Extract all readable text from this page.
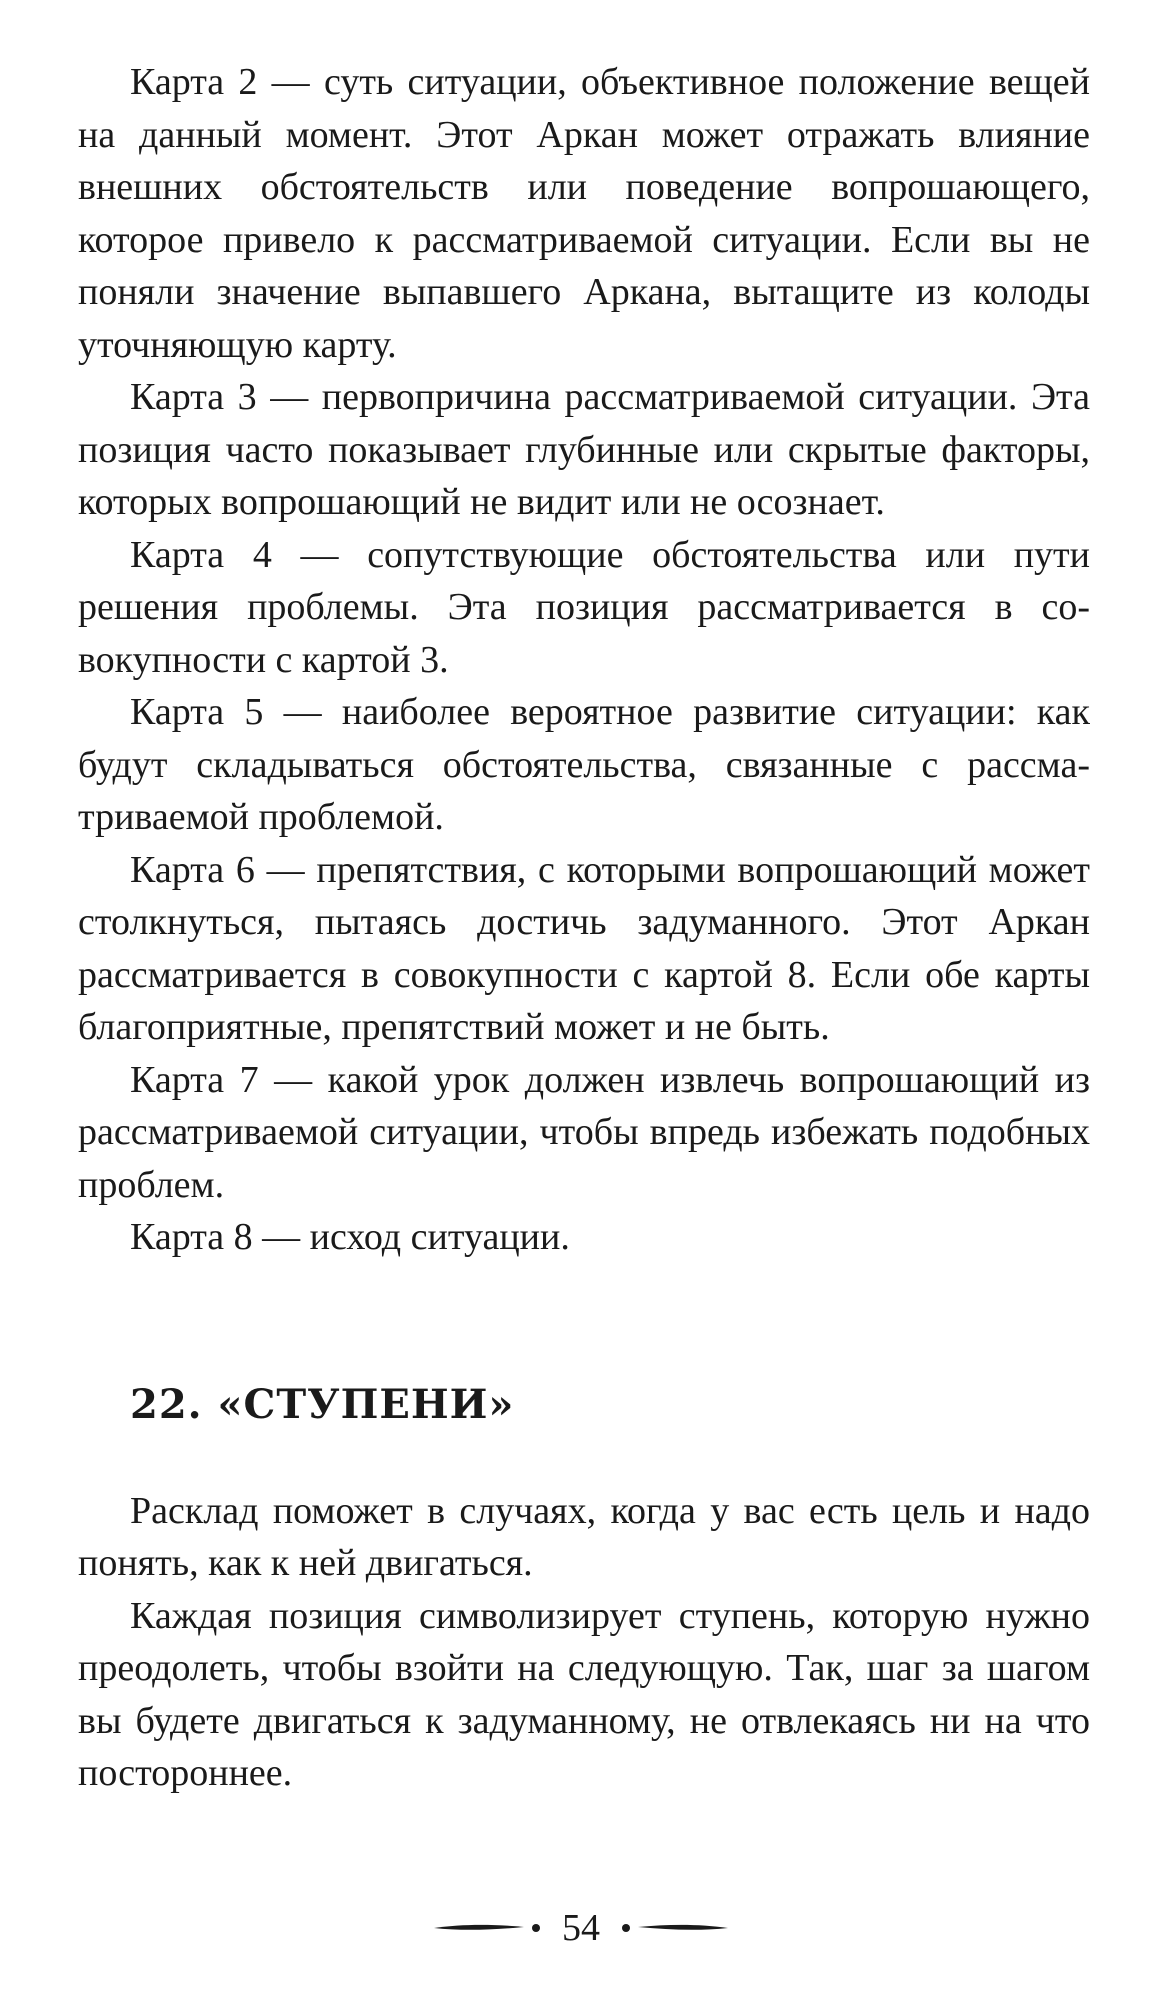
Карта 2 — суть ситуации, объективное положение вещей на данный момент. Этот Аркан может отражать влияние внешних обстоятельств или поведение вопрошающего, которое привело к рассматриваемой ситуации. Если вы не поняли значение выпавшего Аркана, вытащите из колоды уточняющую карту.

Карта 3 — первопричина рассматриваемой ситуации. Эта позиция часто показывает глубинные или скрытые факторы, которых вопрошающий не видит или не осознает.

Карта 4 — сопутствующие обстоятельства или пути решения проблемы. Эта позиция рассматривается в совокупности с картой 3.

Карта 5 — наиболее вероятное развитие ситуации: как будут складываться обстоятельства, связанные с рассматриваемой проблемой.

Карта 6 — препятствия, с которыми вопрошающий может столкнуться, пытаясь достичь задуманного. Этот Аркан рассматривается в совокупности с картой 8. Если обе карты благоприятные, препятствий может и не быть.

Карта 7 — какой урок должен извлечь вопрошающий из рассматриваемой ситуации, чтобы впредь избежать подобных проблем.

Карта 8 — исход ситуации.

22. «СТУПЕНИ»

Расклад поможет в случаях, когда у вас есть цель и надо понять, как к ней двигаться.

Каждая позиция символизирует ступень, которую нужно преодолеть, чтобы взойти на следующую. Так, шаг за шагом вы будете двигаться к задуманному, не отвлекаясь ни на что постороннее.

54
